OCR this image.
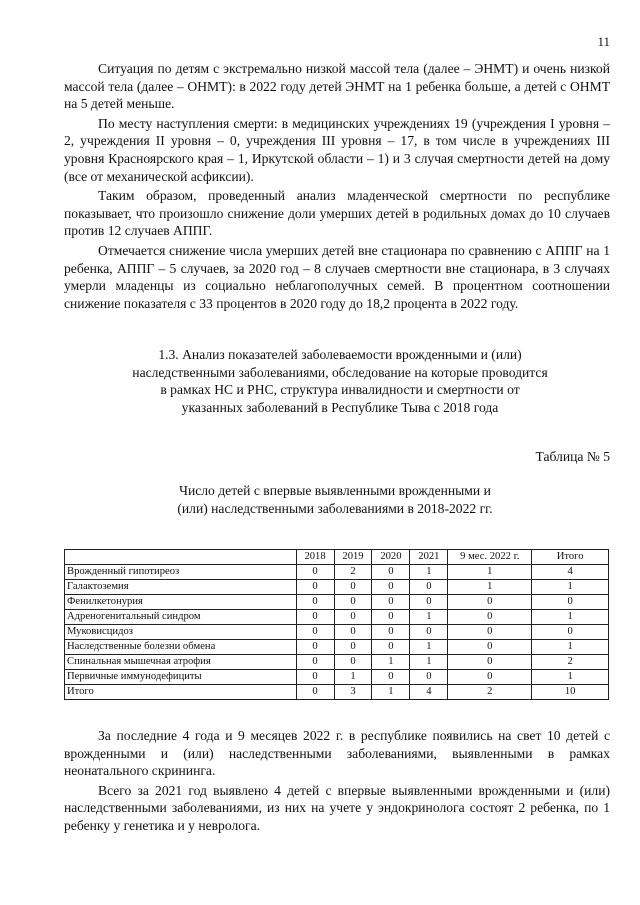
11

Ситуация по детям с экстремально низкой массой тела (далее – ЭНМТ) и очень низкой массой тела (далее – ОНМТ): в 2022 году детей ЭНМТ на 1 ребенка больше, а детей с ОНМТ на 5 детей меньше.

По месту наступления смерти: в медицинских учреждениях 19 (учреждения I уровня – 2, учреждения II уровня – 0, учреждения III уровня – 17, в том числе в учреждениях III уровня Красноярского края – 1, Иркутской области – 1) и 3 случая смертности детей на дому (все от механической асфиксии).

Таким образом, проведенный анализ младенческой смертности по республике показывает, что произошло снижение доли умерших детей в родильных домах до 10 случаев против 12 случаев АППГ.

Отмечается снижение числа умерших детей вне стационара по сравнению с АППГ на 1 ребенка, АППГ – 5 случаев, за 2020 год – 8 случаев смертности вне стационара, в 3 случаях умерли младенцы из социально неблагополучных семей. В процентном соотношении снижение показателя с 33 процентов в 2020 году до 18,2 процента в 2022 году.

1.3. Анализ показателей заболеваемости врожденными и (или) наследственными заболеваниями, обследование на которые проводится в рамках НС и РНС, структура инвалидности и смертности от указанных заболеваний в Республике Тыва с 2018 года
Таблица № 5
Число детей с впервые выявленными врожденными и (или) наследственными заболеваниями в 2018-2022 гг.
	2018	2019	2020	2021	9 мес. 2022 г.	Итого
Врожденный гипотиреоз	0	2	0	1	1	4
Галактоземия	0	0	0	0	1	1
Фенилкетонурия	0	0	0	0	0	0
Адреногенитальный синдром	0	0	0	1	0	1
Муковисцидоз	0	0	0	0	0	0
Наследственные болезни обмена	0	0	0	1	0	1
Спинальная мышечная атрофия	0	0	1	1	0	2
Первичные иммунодефициты	0	1	0	0	0	1
Итого	0	3	1	4	2	10

За последние 4 года и 9 месяцев 2022 г. в республике появились на свет 10 детей с врожденными и (или) наследственными заболеваниями, выявленными в рамках неонатального скрининга.

Всего за 2021 год выявлено 4 детей с впервые выявленными врожденными и (или) наследственными заболеваниями, из них на учете у эндокринолога состоят 2 ребенка, по 1 ребенку у генетика и у невролога.
